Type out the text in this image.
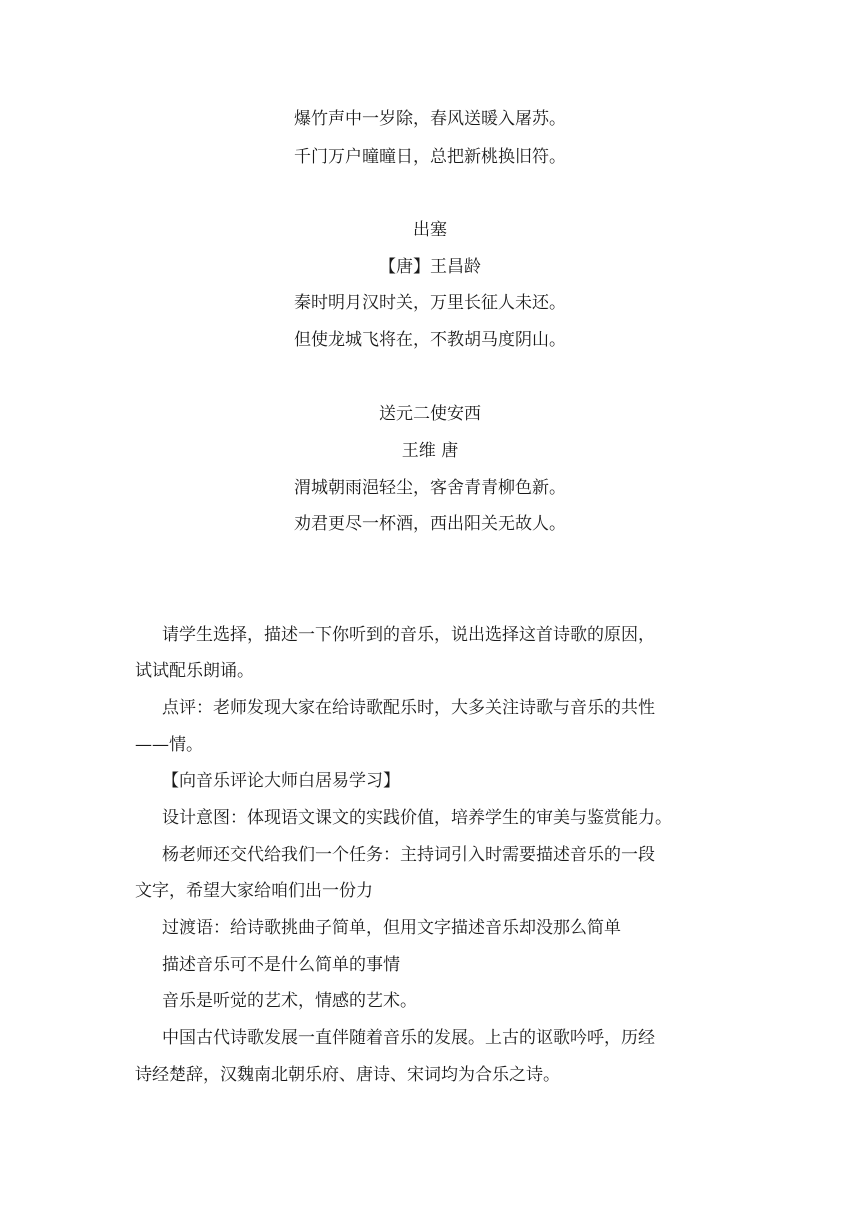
爆竹声中一岁除，春风送暖入屠苏。
千门万户曈曈日，总把新桃换旧符。
出塞
【唐】王昌龄
秦时明月汉时关，万里长征人未还。
但使龙城飞将在，不教胡马度阴山。
送元二使安西
王维 唐
渭城朝雨浥轻尘，客舍青青柳色新。
劝君更尽一杯酒，西出阳关无故人。
请学生选择，描述一下你听到的音乐，说出选择这首诗歌的原因，
试试配乐朗诵。
点评：老师发现大家在给诗歌配乐时，大多关注诗歌与音乐的共性
——情。
【向音乐评论大师白居易学习】
设计意图：体现语文课文的实践价值，培养学生的审美与鉴赏能力。
杨老师还交代给我们一个任务：主持词引入时需要描述音乐的一段
文字，希望大家给咱们出一份力
过渡语：给诗歌挑曲子简单，但用文字描述音乐却没那么简单
描述音乐可不是什么简单的事情
音乐是听觉的艺术，情感的艺术。
中国古代诗歌发展一直伴随着音乐的发展。上古的讴歌吟呼，历经
诗经楚辞，汉魏南北朝乐府、唐诗、宋词均为合乐之诗。
